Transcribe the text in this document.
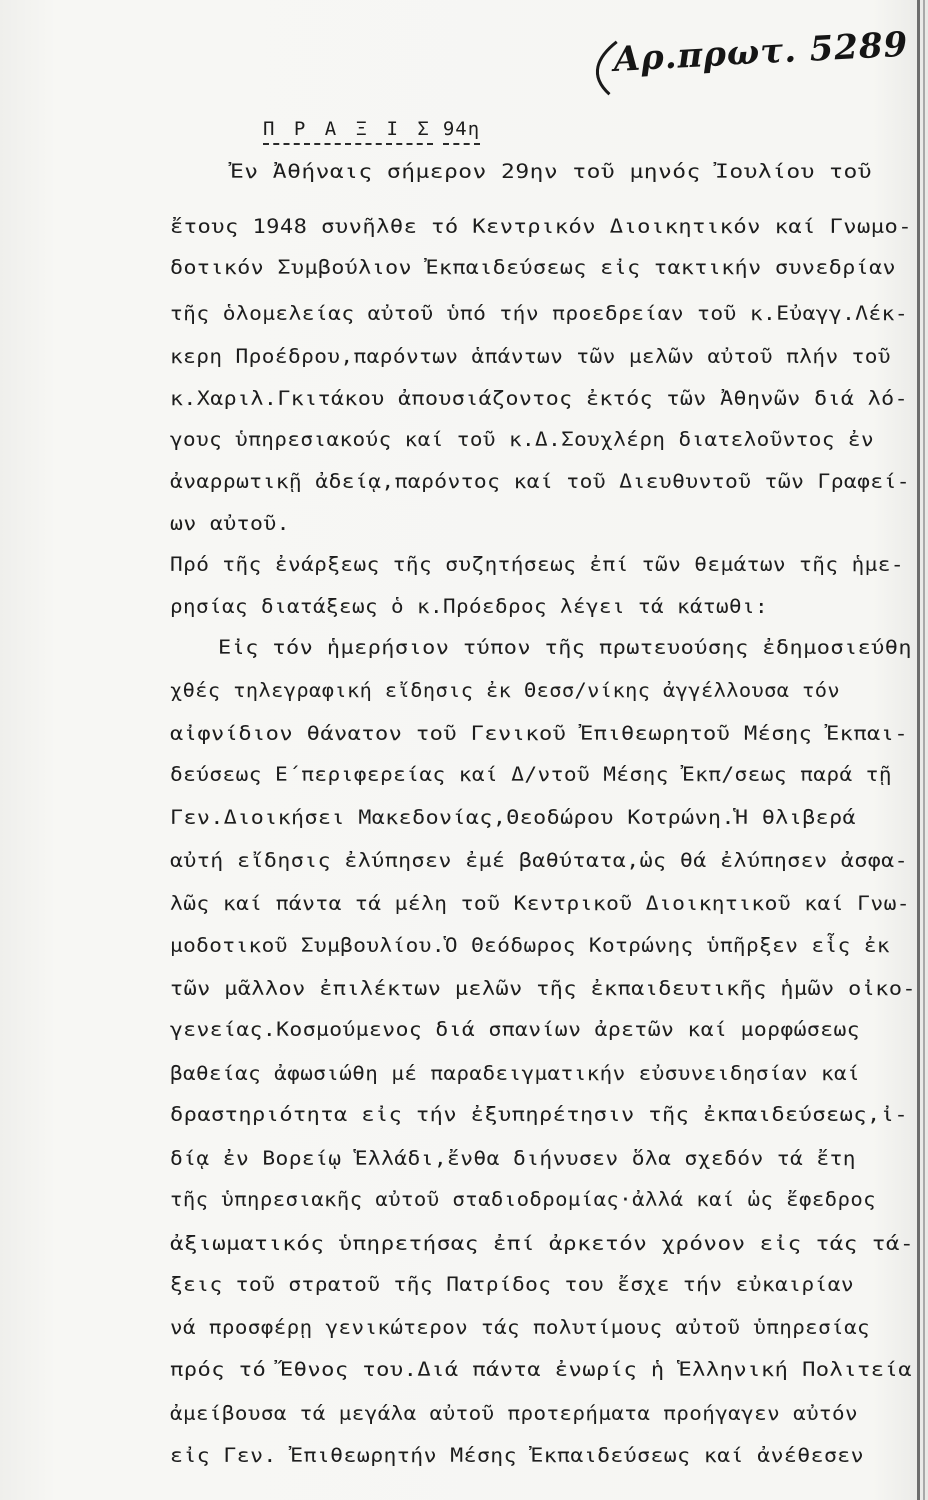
Αρ.πρωτ. 5289
Π Ρ Α Ξ Ι Σ 94η
Ἐν Ἀθήναις σήμερον 29ην τοῦ μηνός Ἰουλίου τοῦ
ἔτους 1948 συνῆλθε τό Κεντρικόν Διοικητικόν καί Γνωμο-
δοτικόν Συμβούλιον Ἐκπαιδεύσεως εἰς τακτικήν συνεδρίαν
τῆς ὁλομελείας αὐτοῦ ὑπό τήν προεδρείαν τοῦ κ.Εὐαγγ.Λέκ-
κερη Προέδρου,παρόντων ἁπάντων τῶν μελῶν αὐτοῦ πλήν τοῦ
κ.Χαριλ.Γκιτάκου ἀπουσιάζοντος ἐκτός τῶν Ἀθηνῶν διά λό-
γους ὑπηρεσιακούς καί τοῦ κ.Δ.Σουχλέρη διατελοῦντος ἐν
ἀναρρωτικῇ ἀδείᾳ,παρόντος καί τοῦ Διευθυντοῦ τῶν Γραφεί-
ων αὐτοῦ.
Πρό τῆς ἐνάρξεως τῆς συζητήσεως ἐπί τῶν θεμάτων τῆς ἡμε-
ρησίας διατάξεως ὁ κ.Πρόεδρος λέγει τά κάτωθι:
Εἰς τόν ἡμερήσιον τύπον τῆς πρωτευούσης ἐδημοσιεύθη
χθές τηλεγραφική εἴδησις ἐκ Θεσσ/νίκης ἀγγέλλουσα τόν
αἰφνίδιον θάνατον τοῦ Γενικοῦ Ἐπιθεωρητοῦ Μέσης Ἐκπαι-
δεύσεως Ε΄περιφερείας καί Δ/ντοῦ Μέσης Ἐκπ/σεως παρά τῇ
Γεν.Διοικήσει Μακεδονίας,Θεοδώρου Κοτρώνη.Ἡ θλιβερά
αὐτή εἴδησις ἐλύπησεν ἐμέ βαθύτατα,ὡς θά ἐλύπησεν ἀσφα-
λῶς καί πάντα τά μέλη τοῦ Κεντρικοῦ Διοικητικοῦ καί Γνω-
μοδοτικοῦ Συμβουλίου.Ὁ Θεόδωρος Κοτρώνης ὑπῆρξεν εἷς ἐκ
τῶν μᾶλλον ἐπιλέκτων μελῶν τῆς ἐκπαιδευτικῆς ἡμῶν οἰκο-
γενείας.Κοσμούμενος διά σπανίων ἀρετῶν καί μορφώσεως
βαθείας ἀφωσιώθη μέ παραδειγματικήν εὐσυνειδησίαν καί
δραστηριότητα εἰς τήν ἐξυπηρέτησιν τῆς ἐκπαιδεύσεως,ἰ-
δίᾳ ἐν Βορείῳ Ἑλλάδι,ἔνθα διήνυσεν ὅλα σχεδόν τά ἔτη
τῆς ὑπηρεσιακῆς αὐτοῦ σταδιοδρομίας·ἀλλά καί ὡς ἔφεδρος
ἀξιωματικός ὑπηρετήσας ἐπί ἀρκετόν χρόνον εἰς τάς τά-
ξεις τοῦ στρατοῦ τῆς Πατρίδος του ἔσχε τήν εὐκαιρίαν
νά προσφέρῃ γενικώτερον τάς πολυτίμους αὐτοῦ ὑπηρεσίας
πρός τό Ἔθνος του.Διά πάντα ἐνωρίς ἡ Ἑλληνική Πολιτεία
ἀμείβουσα τά μεγάλα αὐτοῦ προτερήματα προήγαγεν αὐτόν
εἰς Γεν. Ἐπιθεωρητήν Μέσης Ἐκπαιδεύσεως καί ἀνέθεσεν
